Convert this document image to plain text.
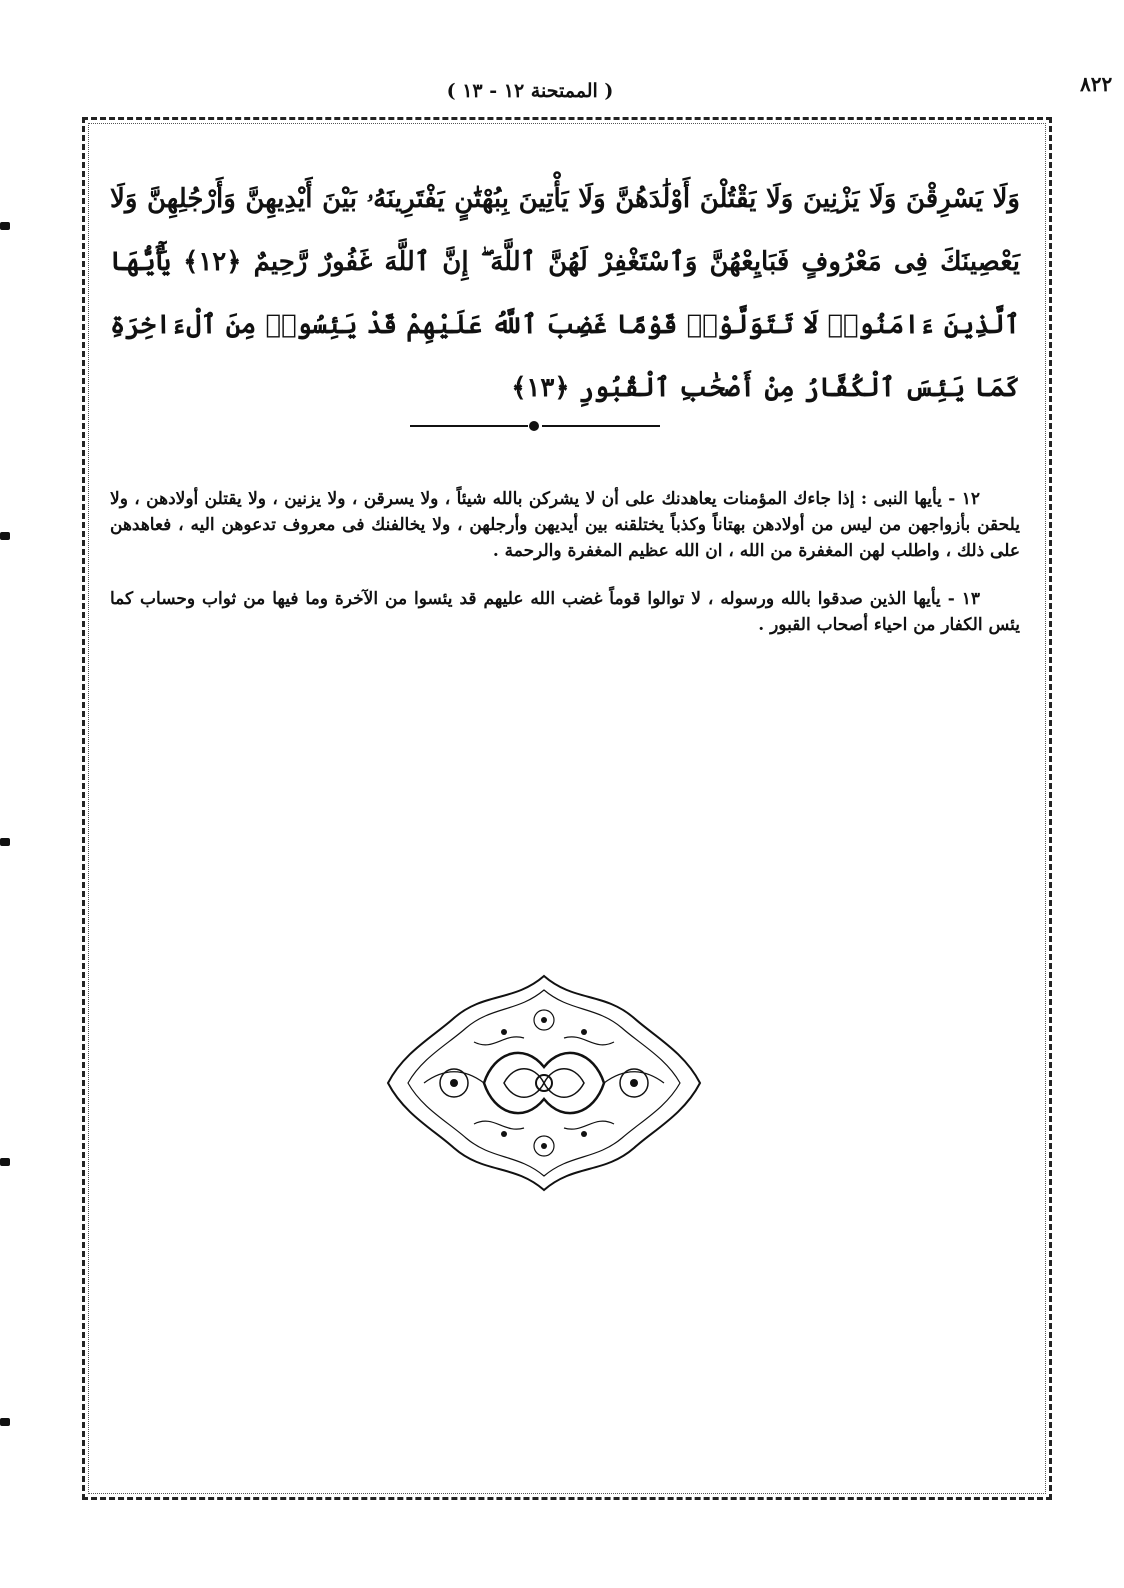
٨٢٢
( الممتحنة ١٢ - ١٣ )
وَلَا يَسْرِقْنَ وَلَا يَزْنِينَ وَلَا يَقْتُلْنَ أَوْلَٰدَهُنَّ وَلَا يَأْتِينَ بِبُهْتَٰنٍ يَفْتَرِينَهُۥ بَيْنَ أَيْدِيهِنَّ وَأَرْجُلِهِنَّ وَلَا يَعْصِينَكَ فِى مَعْرُوفٍ فَبَايِعْهُنَّ وَٱسْتَغْفِرْ لَهُنَّ ٱللَّهَ ۖ إِنَّ ٱللَّهَ غَفُورٌ رَّحِيمٌ ﴿١٢﴾ يَٰٓأَيُّهَا ٱلَّذِينَ ءَامَنُوا۟ لَا تَتَوَلَّوْا۟ قَوْمًا غَضِبَ ٱللَّهُ عَلَيْهِمْ قَدْ يَئِسُوا۟ مِنَ ٱلْءَاخِرَةِ كَمَا يَئِسَ ٱلْكُفَّارُ مِنْ أَصْحَٰبِ ٱلْقُبُورِ ﴿١٣﴾

١٢ - يأيها النبى : إذا جاءك المؤمنات يعاهدنك على أن لا يشركن بالله شيئاً ، ولا يسرقن ، ولا يزنين ، ولا يقتلن أولادهن ، ولا يلحقن بأزواجهن من ليس من أولادهن بهتاناً وكذباً يختلقنه بين أيديهن وأرجلهن ، ولا يخالفنك فى معروف تدعوهن اليه ، فعاهدهن على ذلك ، واطلب لهن المغفرة من الله ، ان الله عظيم المغفرة والرحمة .

١٣ - يأيها الذين صدقوا بالله ورسوله ، لا توالوا قوماً غضب الله عليهم قد يئسوا من الآخرة وما فيها من ثواب وحساب كما يئس الكفار من احياء أصحاب القبور .
